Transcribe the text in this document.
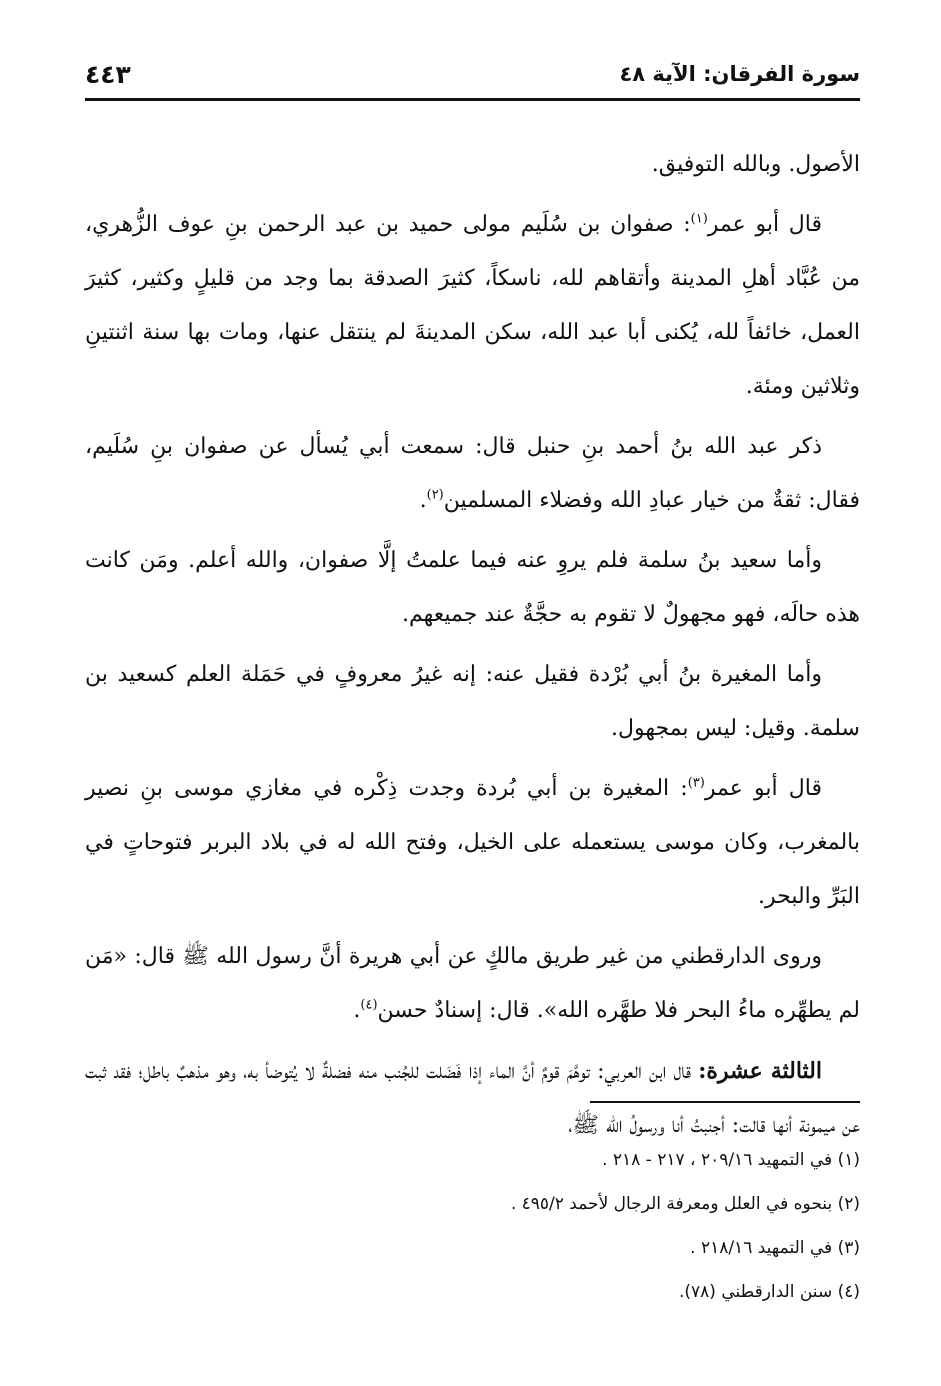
سورة الفرقان: الآية ٤٨
٤٤٣

الأصول. وبالله التوفيق.

قال أبو عمر$^{(١)}$: صفوان بن سُلَيم مولى حميد بن عبد الرحمن بنِ عوف الزُّهري، من عُبَّاد أهلِ المدينة وأتقاهم لله، ناسكاً، كثيرَ الصدقة بما وجد من قليلٍ وكثير، كثيرَ العمل، خائفاً لله، يُكنى أبا عبد الله، سكن المدينةَ لم ينتقل عنها، ومات بها سنة اثنتينِ وثلاثين ومئة.

ذكر عبد الله بنُ أحمد بنِ حنبل قال: سمعت أبي يُسأل عن صفوان بنِ سُلَيم، فقال: ثقةٌ من خيار عبادِ الله وفضلاء المسلمين$^{(٢)}$.

وأما سعيد بنُ سلمة فلم يروِ عنه فيما علمتُ إلَّا صفوان، والله أعلم. ومَن كانت هذه حالَه، فهو مجهولٌ لا تقوم به حجَّةٌ عند جميعهم.

وأما المغيرة بنُ أبي بُرْدة فقيل عنه: إنه غيرُ معروفٍ في حَمَلة العلم كسعيد بن سلمة. وقيل: ليس بمجهول.

قال أبو عمر$^{(٣)}$: المغيرة بن أبي بُردة وجدت ذِكْره في مغازي موسى بنِ نصير بالمغرب، وكان موسى يستعمله على الخيل، وفتح الله له في بلاد البربر فتوحاتٍ في البَرِّ والبحر.

وروى الدارقطني من غير طريق مالكٍ عن أبي هريرة أنَّ رسول الله ﷺ قال: «مَن لم يطهِّره ماءُ البحر فلا طهَّره الله». قال: إسنادٌ حسن$^{(٤)}$.

الثالثة عشرة: قال ابن العربي: توهَّمَ قومٌ أنَّ الماء إذا فَضَلت للجُنب منه فضلةٌ لا يُتوضأ به، وهو مذهبٌ باطل؛ فقد ثبت عن ميمونة أنها قالت: أجنبتُ أنا ورسولُ الله ﷺ،

(١) في التمهيد ٢٠٩/١٦ ، ٢١٧ - ٢١٨ .

(٢) بنحوه في العلل ومعرفة الرجال لأحمد ٤٩٥/٢ .

(٣) في التمهيد ٢١٨/١٦ .

(٤) سنن الدارقطني (٧٨).
